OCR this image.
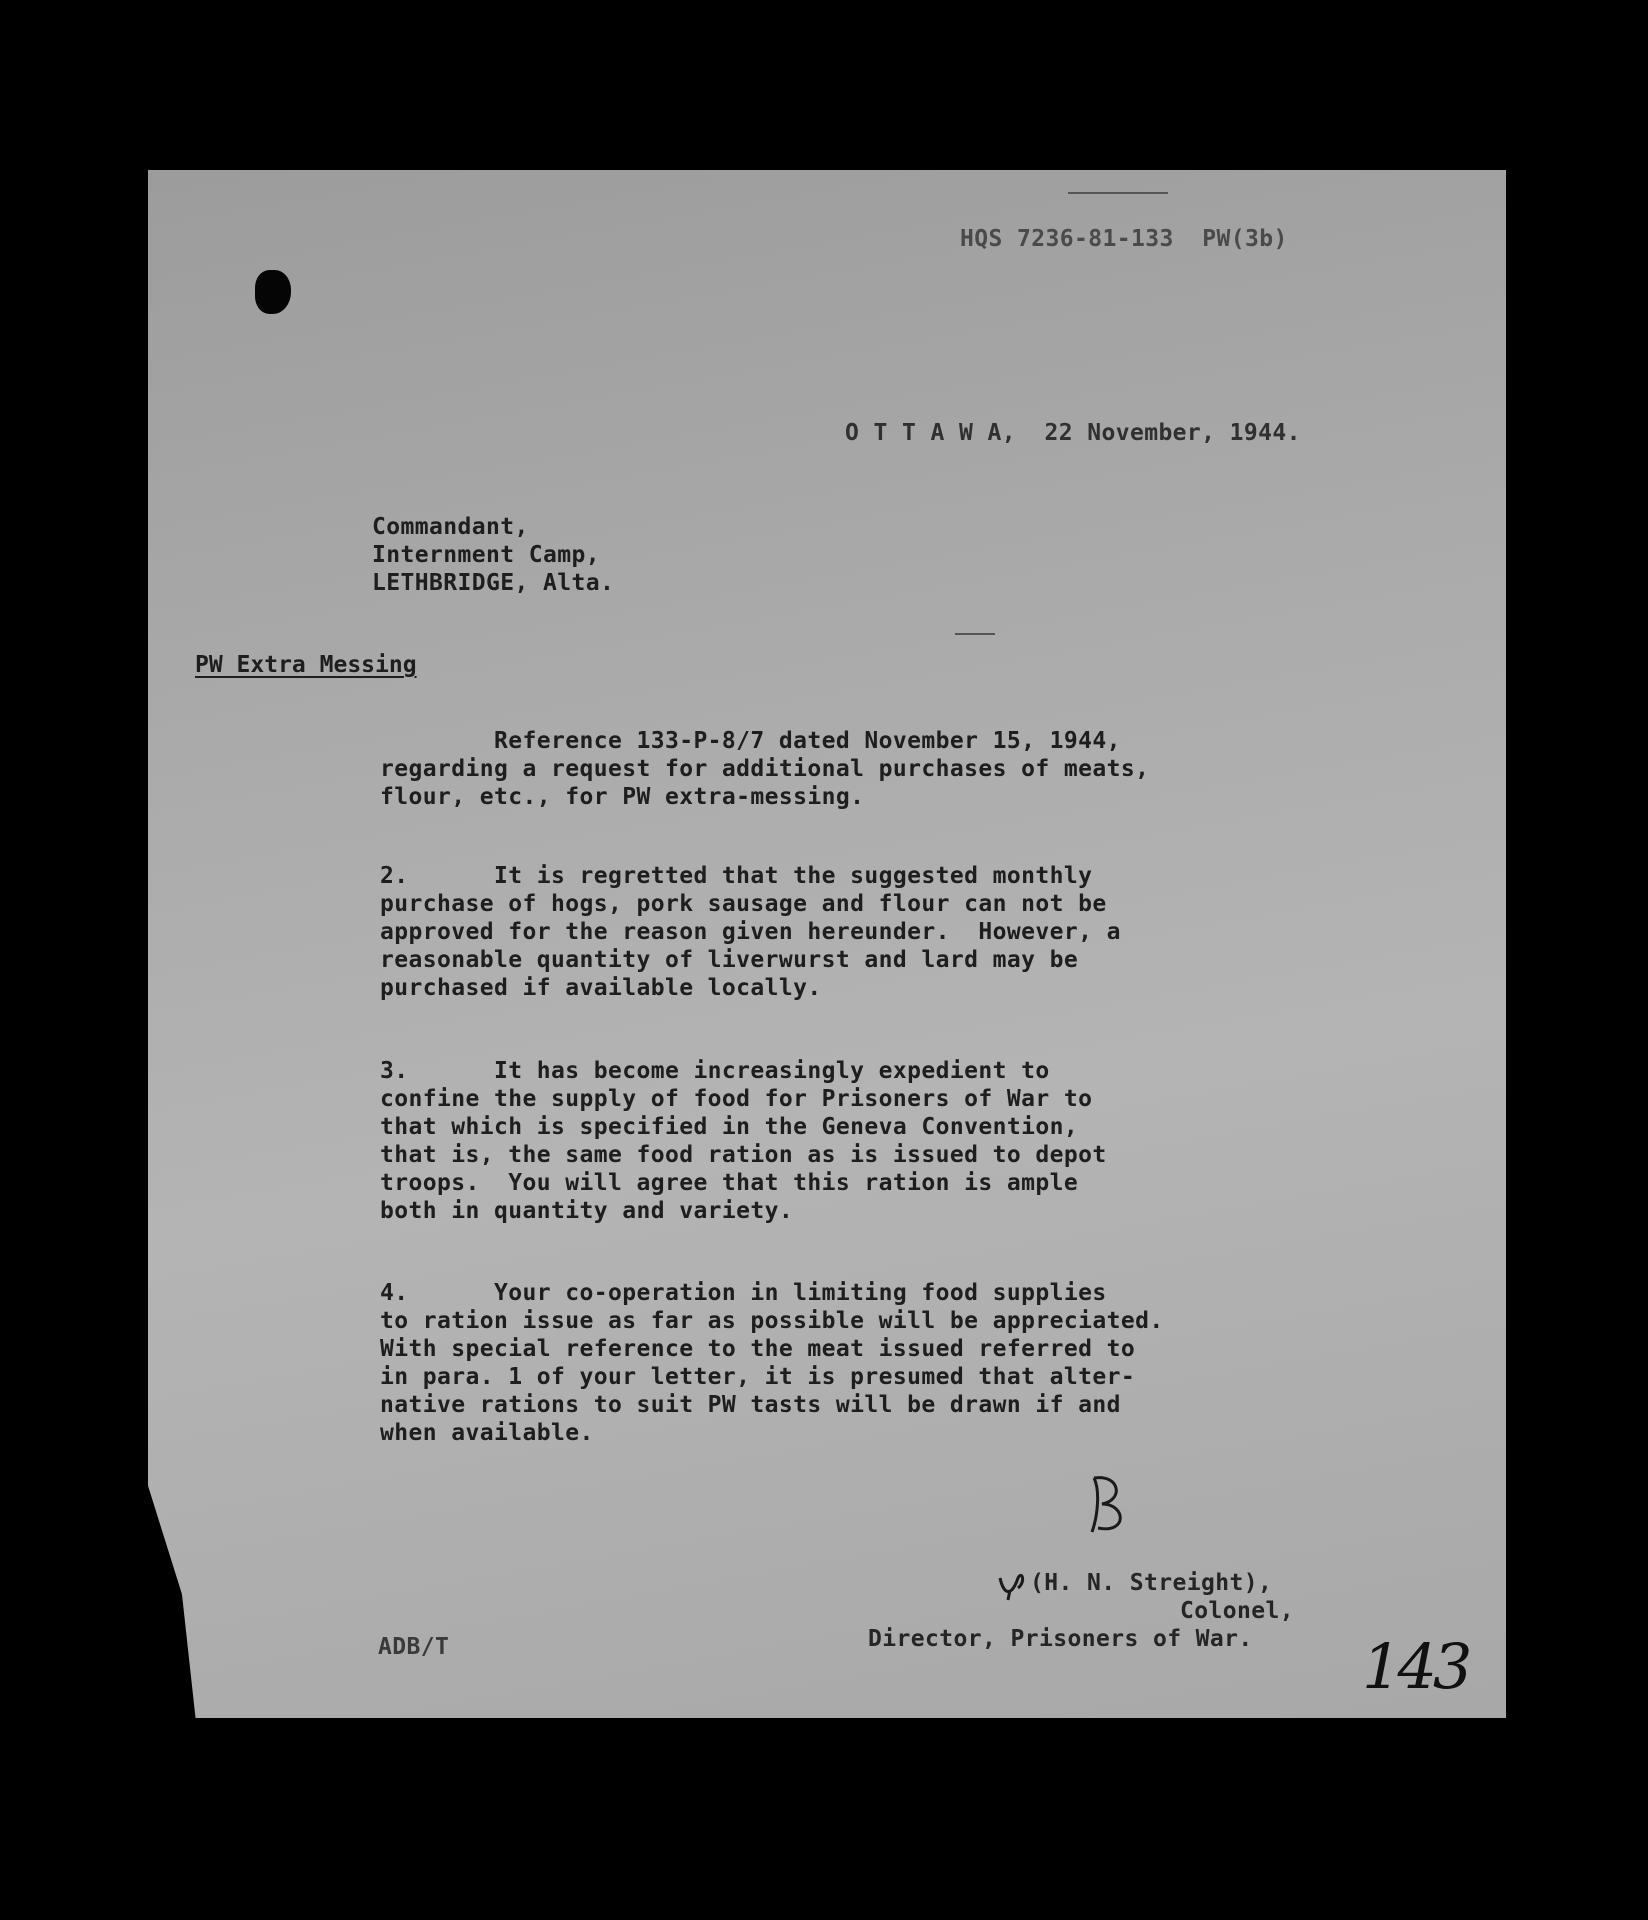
HQS 7236-81-133  PW(3b)
O T T A W A,  22 November, 1944.
Commandant,
Internment Camp,
LETHBRIDGE, Alta.
PW Extra Messing
Reference 133-P-8/7 dated November 15, 1944,
regarding a request for additional purchases of meats,
flour, etc., for PW extra-messing.
2.      It is regretted that the suggested monthly
purchase of hogs, pork sausage and flour can not be
approved for the reason given hereunder.  However, a
reasonable quantity of liverwurst and lard may be
purchased if available locally.
3.      It has become increasingly expedient to
confine the supply of food for Prisoners of War to
that which is specified in the Geneva Convention,
that is, the same food ration as is issued to depot
troops.  You will agree that this ration is ample
both in quantity and variety.
4.      Your co-operation in limiting food supplies
to ration issue as far as possible will be appreciated.
With special reference to the meat issued referred to
in para. 1 of your letter, it is presumed that alter-
native rations to suit PW tasts will be drawn if and
when available.
(H. N. Streight),
Colonel,
Director, Prisoners of War.
ADB/T	143
